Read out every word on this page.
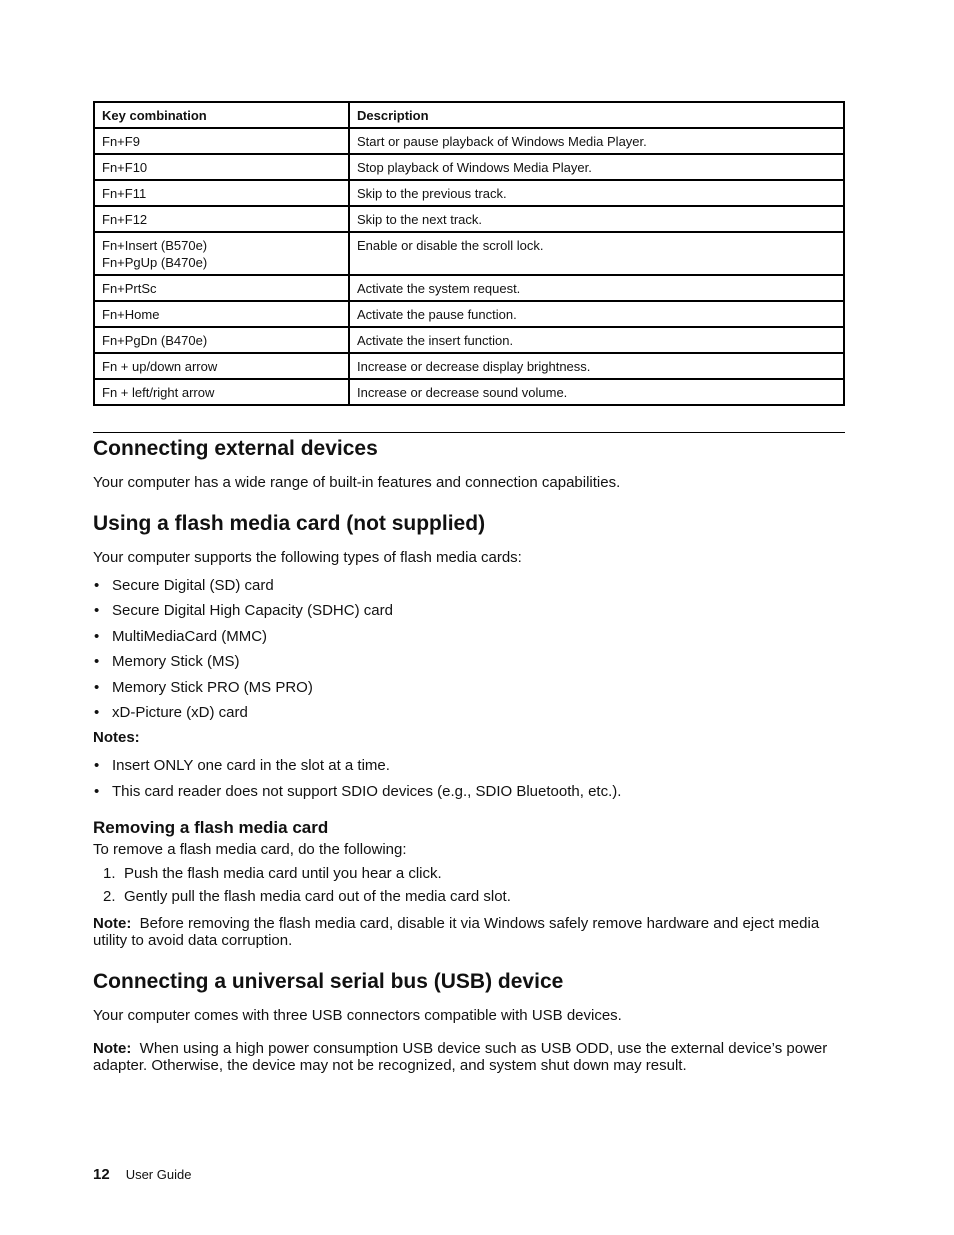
Key combination	Description

Fn+F9	Start or pause playback of Windows Media Player.

Fn+F10	Stop playback of Windows Media Player.

Fn+F11	Skip to the previous track.

Fn+F12	Skip to the next track.

Fn+Insert (B570e)
Fn+PgUp (B470e)	Enable or disable the scroll lock.

Fn+PrtSc	Activate the system request.

Fn+Home	Activate the pause function.

Fn+PgDn (B470e)	Activate the insert function.

Fn + up/down arrow	Increase or decrease display brightness.

Fn + left/right arrow	Increase or decrease sound volume.
Connecting external devices

Your computer has a wide range of built-in features and connection capabilities.

Using a flash media card (not supplied)

Your computer supports the following types of flash media cards:

• Secure Digital (SD) card
• Secure Digital High Capacity (SDHC) card
• MultiMediaCard (MMC)
• Memory Stick (MS)
• Memory Stick PRO (MS PRO)
• xD-Picture (xD) card

Notes:

• Insert ONLY one card in the slot at a time.
• This card reader does not support SDIO devices (e.g., SDIO Bluetooth, etc.).
Removing a flash media card

To remove a flash media card, do the following:

1. Push the flash media card until you hear a click.
2. Gently pull the flash media card out of the media card slot.

Note: Before removing the flash media card, disable it via Windows safely remove hardware and eject media utility to avoid data corruption.

Connecting a universal serial bus (USB) device

Your computer comes with three USB connectors compatible with USB devices.

Note: When using a high power consumption USB device such as USB ODD, use the external device’s power adapter. Otherwise, the device may not be recognized, and system shut down may result.

12 User Guide
